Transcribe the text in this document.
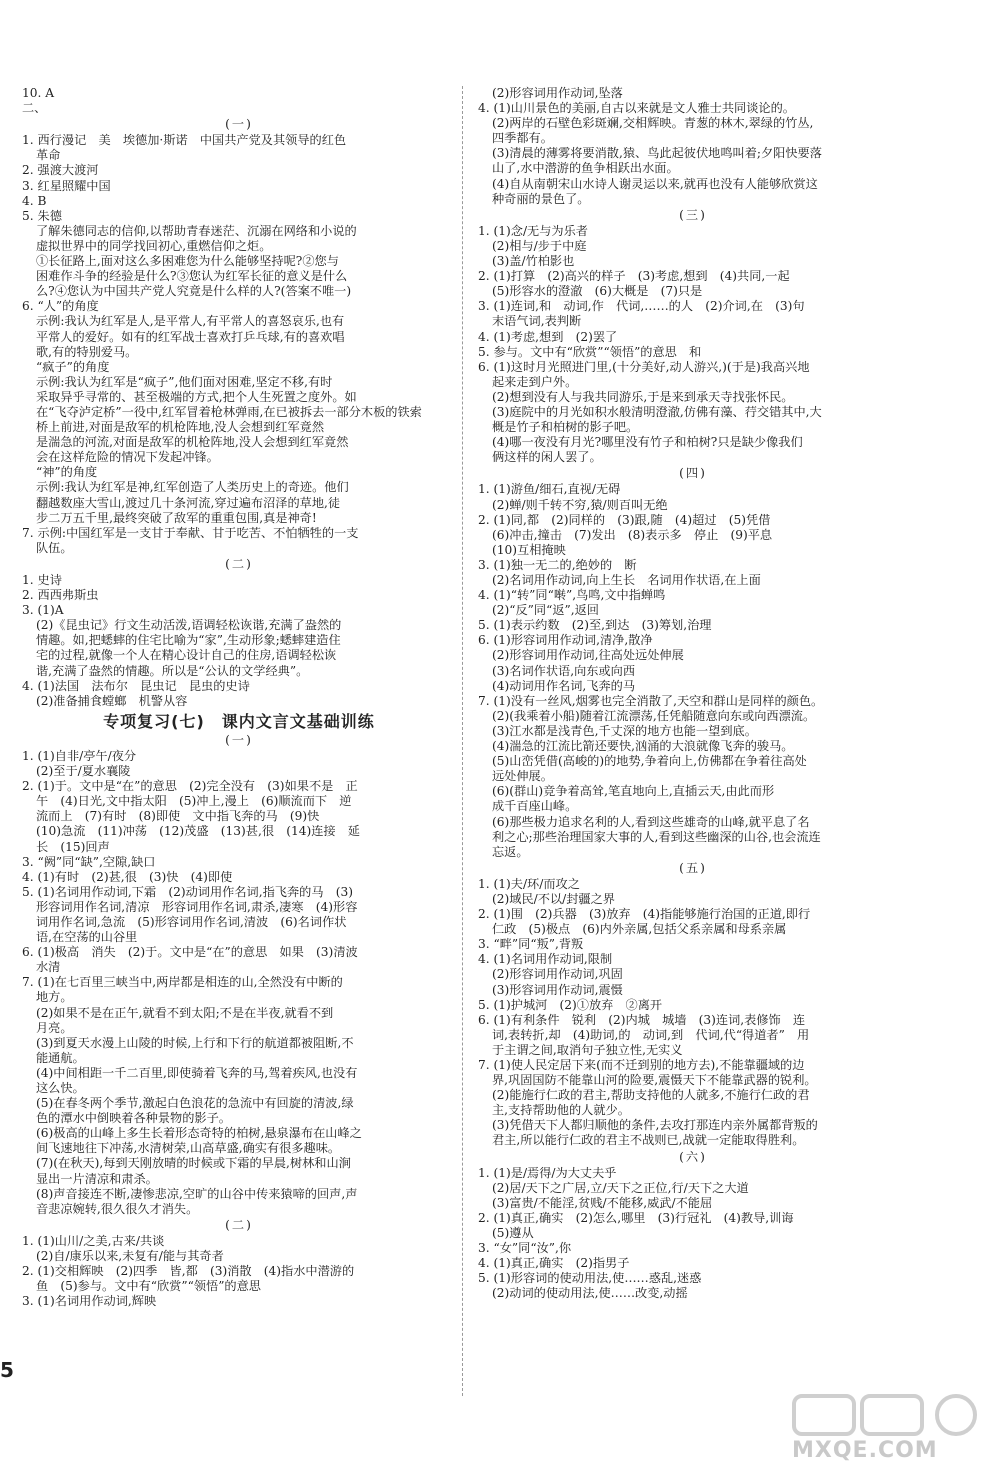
10. A
二、
(一)
1. 西行漫记　美　埃德加·斯诺　中国共产党及其领导的红色
革命
2. 强渡大渡河
3. 红星照耀中国
4. B
5. 朱德
了解朱德同志的信仰,以帮助青春迷茫、沉溺在网络和小说的
虚拟世界中的同学找回初心,重燃信仰之炬。
①长征路上,面对这么多困难您为什么能够坚持呢?②您与
困难作斗争的经验是什么?③您认为红军长征的意义是什么
么?④您认为中国共产党人究竟是什么样的人?(答案不唯一)
6. “人”的角度
示例:我认为红军是人,是平常人,有平常人的喜怒哀乐,也有
平常人的爱好。如有的红军战士喜欢打乒乓球,有的喜欢唱
歌,有的特别爱马。
“疯子”的角度
示例:我认为红军是“疯子”,他们面对困难,坚定不移,有时
采取异乎寻常的、甚至极端的方式,把个人生死置之度外。如
在“飞夺泸定桥”一役中,红军冒着枪林弹雨,在已被拆去一部分木板的铁索
桥上前进,对面是敌军的机枪阵地,没人会想到红军竟然
是湍急的河流,对面是敌军的机枪阵地,没人会想到红军竟然
会在这样危险的情况下发起冲锋。
“神”的角度
示例:我认为红军是神,红军创造了人类历史上的奇迹。他们
翻越数座大雪山,渡过几十条河流,穿过遍布沼泽的草地,徒
步二万五千里,最终突破了敌军的重重包围,真是神奇!
7. 示例:中国红军是一支甘于奉献、甘于吃苦、不怕牺牲的一支
队伍。
(二)
1. 史诗
2. 西西弗斯虫
3. (1)A
(2)《昆虫记》行文生动活泼,语调轻松诙谐,充满了盎然的
情趣。如,把蟋蟀的住宅比喻为“家”,生动形象;蟋蟀建造住
宅的过程,就像一个人在精心设计自己的住房,语调轻松诙
谐,充满了盎然的情趣。所以是“公认的文学经典”。
4. (1)法国　法布尔　昆虫记　昆虫的史诗
(2)准备捕食螳螂　机警从容
专项复习(七)　课内文言文基础训练
(一)
1. (1)自非/亭午/夜分
(2)至于/夏水襄陵
2. (1)于。文中是“在”的意思　(2)完全没有　(3)如果不是　正
午　(4)日光,文中指太阳　(5)冲上,漫上　(6)顺流而下　逆
流而上　(7)有时　(8)即使　文中指飞奔的马　(9)快
(10)急流　(11)冲荡　(12)茂盛　(13)甚,很　(14)连接　延
长　(15)回声
3. “阙”同“缺”,空隙,缺口
4. (1)有时　(2)甚,很　(3)快　(4)即使
5. (1)名词用作动词,下霜　(2)动词用作名词,指飞奔的马　(3)
形容词用作名词,清凉　形容词用作名词,肃杀,凄寒　(4)形容
词用作名词,急流　(5)形容词用作名词,清波　(6)名词作状
语,在空荡的山谷里
6. (1)极高　消失　(2)于。文中是“在”的意思　如果　(3)清波
水清
7. (1)在七百里三峡当中,两岸都是相连的山,全然没有中断的
地方。
(2)如果不是在正午,就看不到太阳;不是在半夜,就看不到
月亮。
(3)到夏天水漫上山陵的时候,上行和下行的航道都被阻断,不
能通航。
(4)中间相距一千二百里,即使骑着飞奔的马,驾着疾风,也没有
这么快。
(5)在春冬两个季节,激起白色浪花的急流中有回旋的清波,绿
色的潭水中倒映着各种景物的影子。
(6)极高的山峰上多生长着形态奇特的柏树,悬泉瀑布在山峰之
间飞速地往下冲荡,水清树荣,山高草盛,确实有很多趣味。
(7)(在秋天),每到天刚放晴的时候或下霜的早晨,树林和山涧
显出一片清凉和肃杀。
(8)声音接连不断,凄惨悲凉,空旷的山谷中传来猿啼的回声,声
音悲凉婉转,很久很久才消失。
(二)
1. (1)山川/之美,古来/共谈
(2)自/康乐以来,未复有/能与其奇者
2. (1)交相辉映　(2)四季　皆,都　(3)消散　(4)指水中潜游的
鱼　(5)参与。文中有“欣赏”“领悟”的意思
3. (1)名词用作动词,辉映
(2)形容词用作动词,坠落
4. (1)山川景色的美丽,自古以来就是文人雅士共同谈论的。
(2)两岸的石壁色彩斑斓,交相辉映。青葱的林木,翠绿的竹丛,
四季都有。
(3)清晨的薄雾将要消散,猿、鸟此起彼伏地鸣叫着;夕阳快要落
山了,水中潜游的鱼争相跃出水面。
(4)自从南朝宋山水诗人谢灵运以来,就再也没有人能够欣赏这
种奇丽的景色了。
(三)
1. (1)念/无与为乐者
(2)相与/步于中庭
(3)盖/竹柏影也
2. (1)打算　(2)高兴的样子　(3)考虑,想到　(4)共同,一起
(5)形容水的澄澈　(6)大概是　(7)只是
3. (1)连词,和　动词,作　代词,……的人　(2)介词,在　(3)句
末语气词,表判断
4. (1)考虑,想到　(2)罢了
5. 参与。文中有“欣赏”“领悟”的意思　和
6. (1)这时月光照进门里,(十分美好,动人游兴,)(于是)我高兴地
起来走到户外。
(2)想到没有人与我共同游乐,于是来到承天寺找张怀民。
(3)庭院中的月光如积水般清明澄澈,仿佛有藻、荇交错其中,大
概是竹子和柏树的影子吧。
(4)哪一夜没有月光?哪里没有竹子和柏树?只是缺少像我们
俩这样的闲人罢了。
(四)
1. (1)游鱼/细石,直视/无碍
(2)蝉/则千转不穷,猿/则百叫无绝
2. (1)同,都　(2)同样的　(3)跟,随　(4)超过　(5)凭借
(6)冲击,撞击　(7)发出　(8)表示多　停止　(9)平息
(10)互相掩映
3. (1)独一无二的,绝妙的　断
(2)名词用作动词,向上生长　名词用作状语,在上面
4. (1)“转”同“啭”,鸟鸣,文中指蝉鸣
(2)“反”同“返”,返回
5. (1)表示约数　(2)至,到达　(3)筹划,治理
6. (1)形容词用作动词,清净,散净
(2)形容词用作动词,往高处远处伸展
(3)名词作状语,向东或向西
(4)动词用作名词,飞奔的马
7. (1)没有一丝风,烟雾也完全消散了,天空和群山是同样的颜色。
(2)(我乘着小船)随着江流漂荡,任凭船随意向东或向西漂流。
(3)江水都是浅青色,千丈深的地方也能一望到底。
(4)湍急的江流比箭还要快,汹涌的大浪就像飞奔的骏马。
(5)山峦凭借(高峻的)的地势,争着向上,仿佛都在争着往高处
远处伸展。
(6)(群山)竞争着高耸,笔直地向上,直插云天,由此而形
成千百座山峰。
(6)那些极力追求名利的人,看到这些雄奇的山峰,就平息了名
利之心;那些治理国家大事的人,看到这些幽深的山谷,也会流连
忘返。
(五)
1. (1)夫/环/而攻之
(2)域民/不以/封疆之界
2. (1)围　(2)兵器　(3)放弃　(4)指能够施行治国的正道,即行
仁政　(5)极点　(6)内外亲属,包括父系亲属和母系亲属
3. “畔”同“叛”,背叛
4. (1)名词用作动词,限制
(2)形容词用作动词,巩固
(3)形容词用作动词,震慑
5. (1)护城河　(2)①放弃　②离开
6. (1)有利条件　锐利　(2)内城　城墙　(3)连词,表修饰　连
词,表转折,却　(4)助词,的　动词,到　代词,代“得道者”　用
于主谓之间,取消句子独立性,无实义
7. (1)使人民定居下来(而不迁到别的地方去),不能靠疆域的边
界,巩固国防不能靠山河的险要,震慑天下不能靠武器的锐利。
(2)能施行仁政的君主,帮助支持他的人就多,不施行仁政的君
主,支持帮助他的人就少。
(3)凭借天下人都归顺他的条件,去攻打那连内亲外属都背叛的
君主,所以能行仁政的君主不战则已,战就一定能取得胜利。
(六)
1. (1)是/焉得/为大丈夫乎
(2)居/天下之广居,立/天下之正位,行/天下之大道
(3)富贵/不能淫,贫贱/不能移,威武/不能屈
2. (1)真正,确实　(2)怎么,哪里　(3)行冠礼　(4)教导,训诲
(5)遵从
3. “女”同“汝”,你
4. (1)真正,确实　(2)指男子
5. (1)形容词的使动用法,使……惑乱,迷惑
(2)动词的使动用法,使……改变,动摇
5
MXQE.COM
